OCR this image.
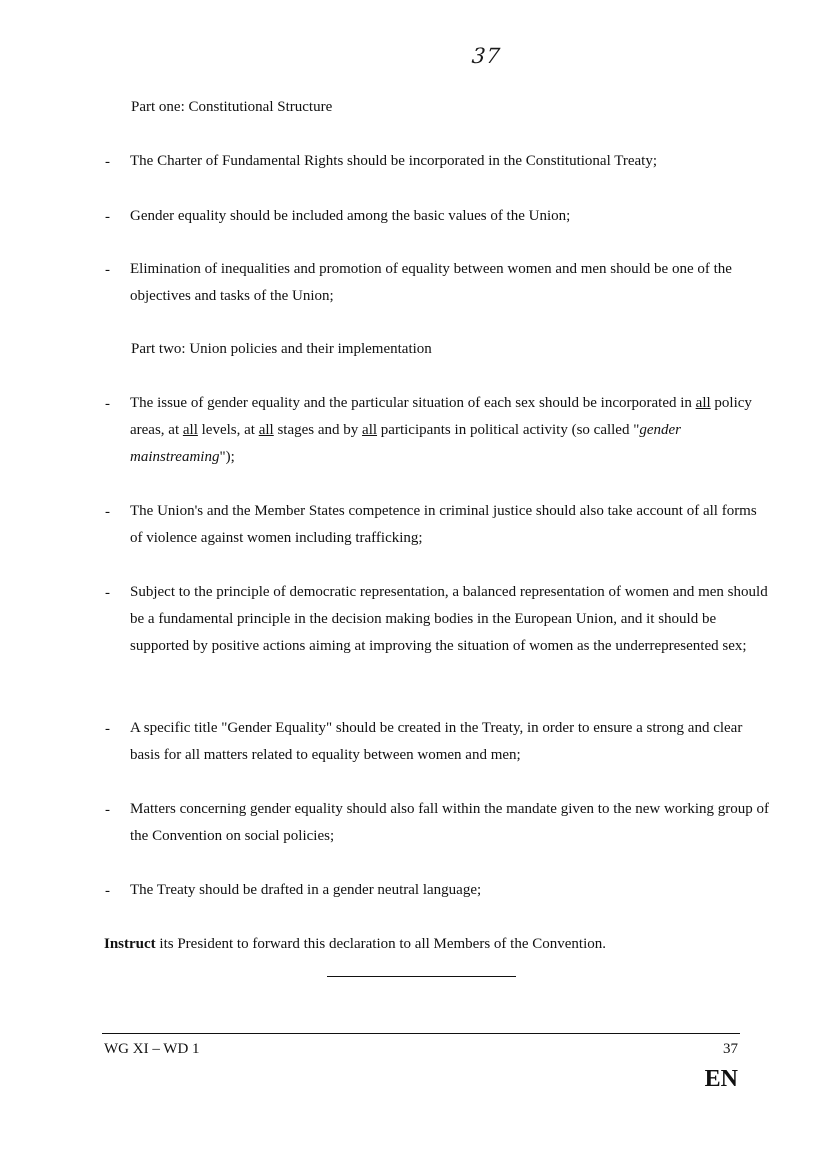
37
Part one: Constitutional Structure
- The Charter of Fundamental Rights should be incorporated in the Constitutional Treaty;
- Gender equality should be included among the basic values of the Union;
- Elimination of inequalities and promotion of equality between women and men should be one of the objectives and tasks of the Union;
Part two: Union policies and their implementation
- The issue of gender equality and the particular situation of each sex should be incorporated in all policy areas, at all levels, at all stages and by all participants in political activity (so called "gender mainstreaming");
- The Union's and the Member States competence in criminal justice should also take account of all forms of violence against women including trafficking;
- Subject to the principle of democratic representation, a balanced representation of women and men should be a fundamental principle in the decision making bodies in the European Union, and it should be supported by positive actions aiming at improving the situation of women as the underrepresented sex;
- A specific title "Gender Equality" should be created in the Treaty, in order to ensure a strong and clear basis for all matters related to equality between women and men;
- Matters concerning gender equality should also fall within the mandate given to the new working group of the Convention on social policies;
- The Treaty should be drafted in a gender neutral language;
Instruct its President to forward this declaration to all Members of the Convention.
WG XI – WD 1	37
EN
